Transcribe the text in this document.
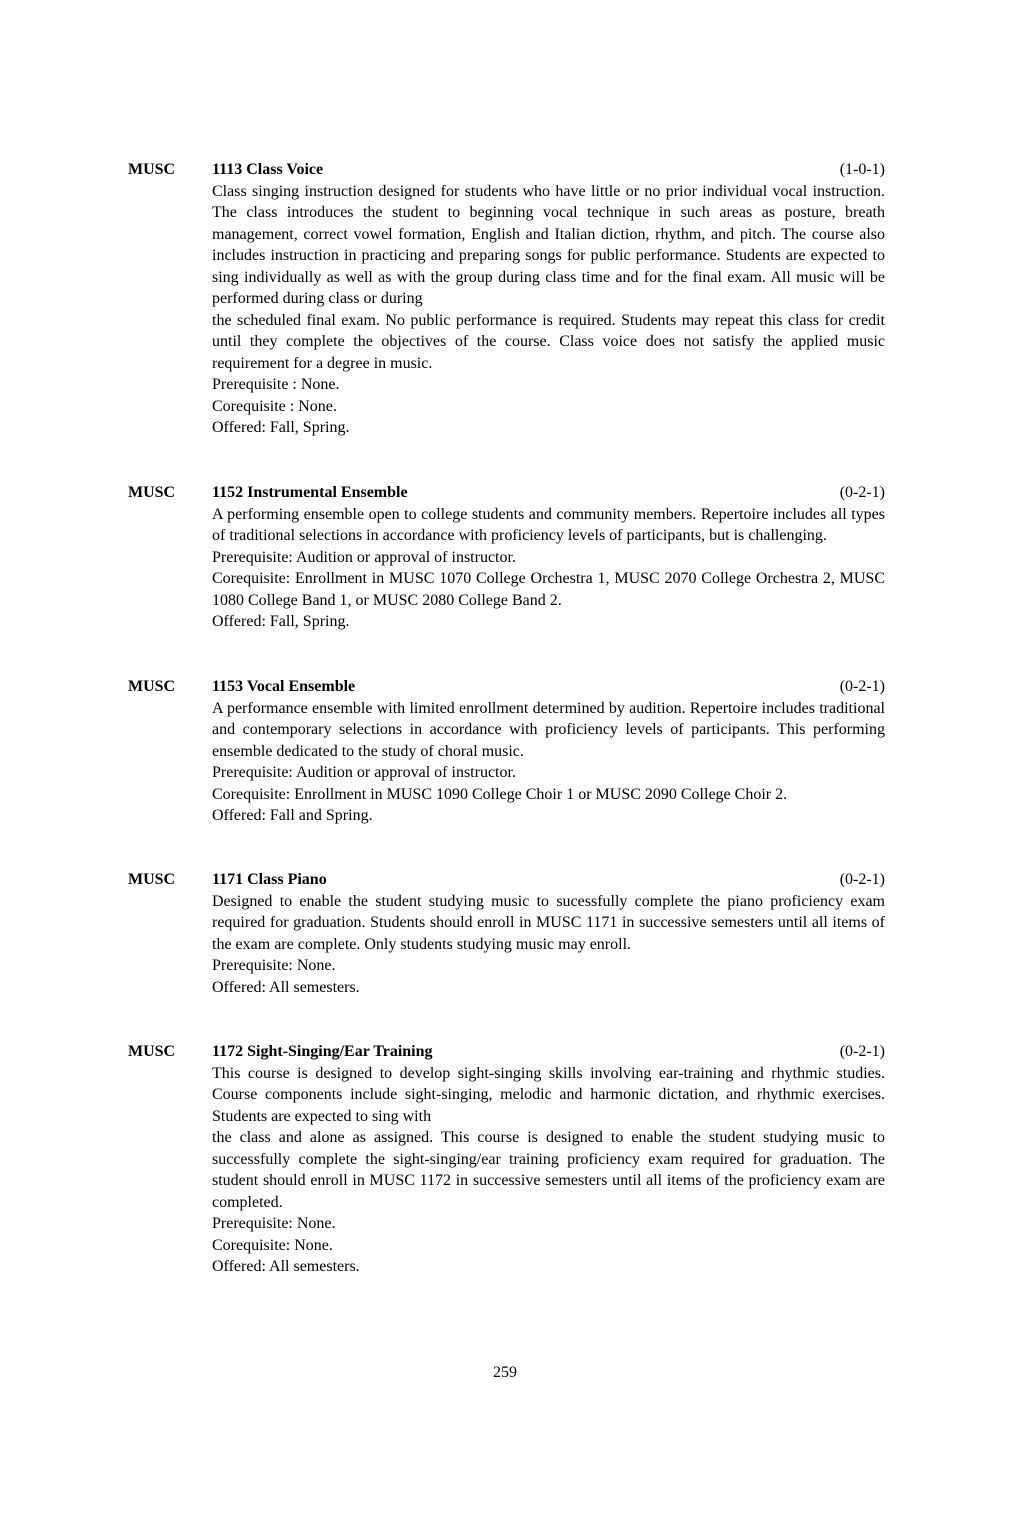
MUSC 1113 Class Voice	(1-0-1)

Class singing instruction designed for students who have little or no prior individual vocal instruction. The class introduces the student to beginning vocal technique in such areas as posture, breath management, correct vowel formation, English and Italian diction, rhythm, and pitch. The course also includes instruction in practicing and preparing songs for public performance. Students are expected to sing individually as well as with the group during class time and for the final exam. All music will be performed during class or during

the scheduled final exam. No public performance is required. Students may repeat this class for credit until they complete the objectives of the course. Class voice does not satisfy the applied music requirement for a degree in music.

Prerequisite : None.

Corequisite : None.

Offered: Fall, Spring.

MUSC 1152 Instrumental Ensemble	(0-2-1)

A performing ensemble open to college students and community members. Repertoire includes all types of traditional selections in accordance with proficiency levels of participants, but is challenging.

Prerequisite: Audition or approval of instructor.

Corequisite: Enrollment in MUSC 1070 College Orchestra 1, MUSC 2070 College Orchestra 2, MUSC 1080 College Band 1, or MUSC 2080 College Band 2.

Offered: Fall, Spring.

MUSC 1153 Vocal Ensemble	(0-2-1)

A performance ensemble with limited enrollment determined by audition. Repertoire includes traditional and contemporary selections in accordance with proficiency levels of participants. This performing ensemble dedicated to the study of choral music.

Prerequisite: Audition or approval of instructor.

Corequisite: Enrollment in MUSC 1090 College Choir 1 or MUSC 2090 College Choir 2.

Offered: Fall and Spring.

MUSC 1171 Class Piano	(0-2-1)

Designed to enable the student studying music to sucessfully complete the piano proficiency exam required for graduation. Students should enroll in MUSC 1171 in successive semesters until all items of the exam are complete. Only students studying music may enroll.

Prerequisite: None.

Offered: All semesters.

MUSC 1172 Sight-Singing/Ear Training	(0-2-1)

This course is designed to develop sight-singing skills involving ear-training and rhythmic studies. Course components include sight-singing, melodic and harmonic dictation, and rhythmic exercises. Students are expected to sing with

the class and alone as assigned. This course is designed to enable the student studying music to successfully complete the sight-singing/ear training proficiency exam required for graduation. The student should enroll in MUSC 1172 in successive semesters until all items of the proficiency exam are completed.

Prerequisite: None.

Corequisite: None.

Offered: All semesters.

259
